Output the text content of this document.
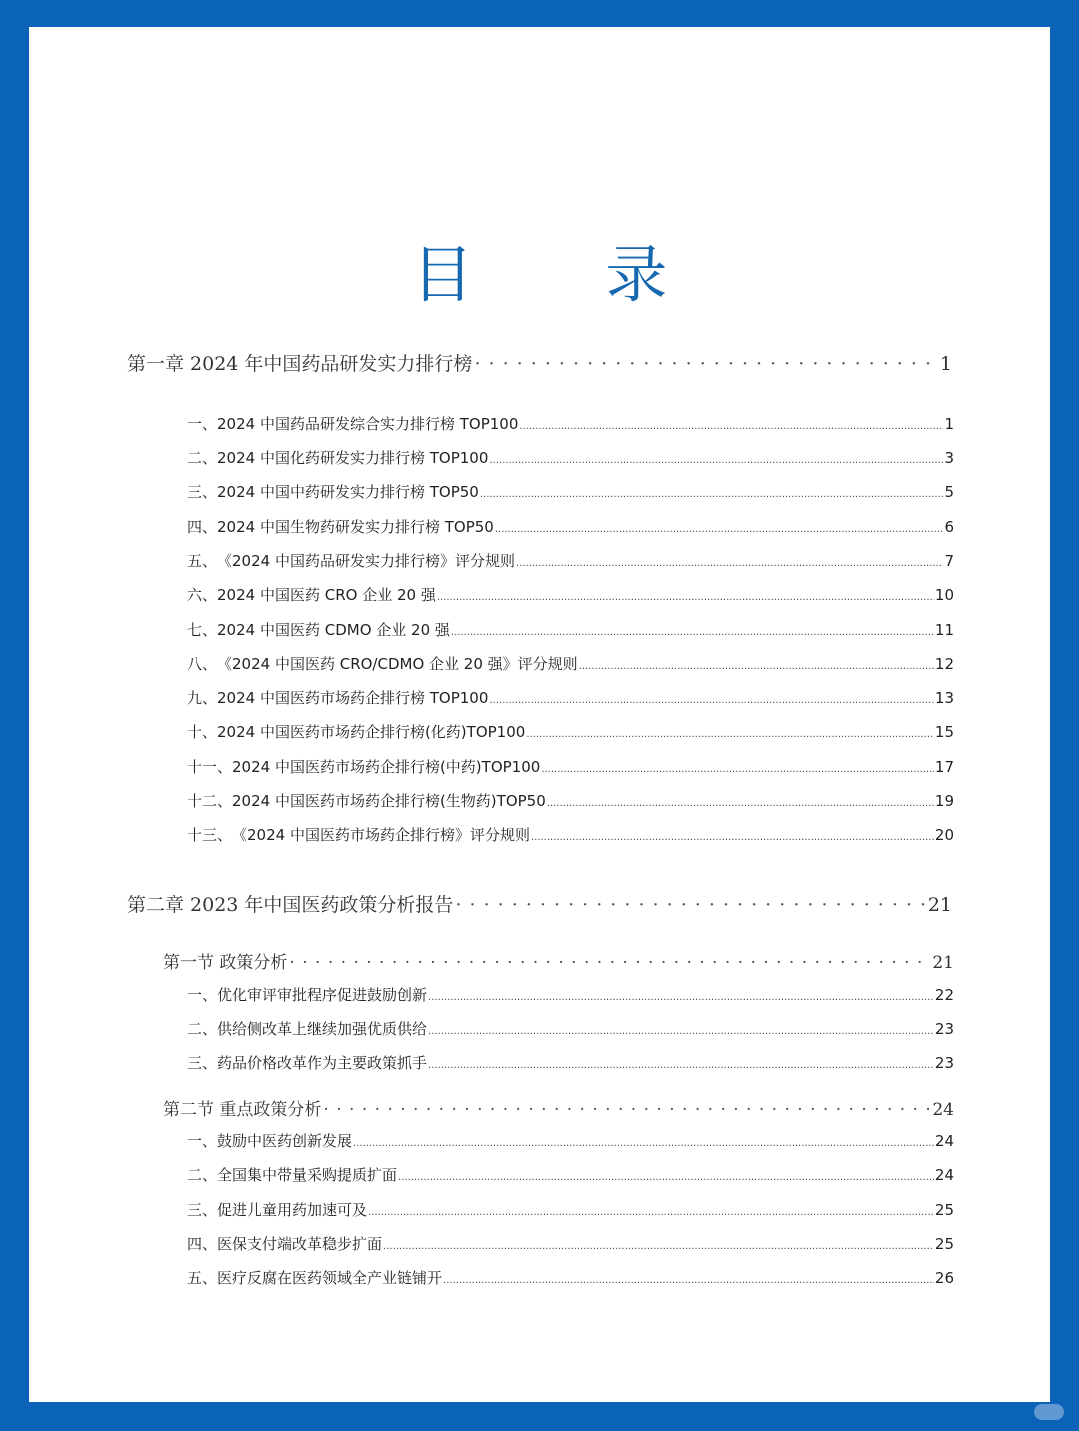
目 录
第一章 2024 年中国药品研发实力排行榜 · · ·	1
一、 2024 中国药品研发综合实力排行榜 TOP100 .....	1
二、 2024 中国化药研发实力排行榜 TOP100 .....	3
三、 2024 中国中药研发实力排行榜 TOP50 .....	5
四、 2024 中国生物药研发实力排行榜 TOP50 .....	6
五、 《2024 中国药品研发实力排行榜》评分规则 .....	7
六、 2024 中国医药 CRO 企业 20 强 .....	10
七、 2024 中国医药 CDMO 企业 20 强 .....	11
八、 《2024 中国医药 CRO/CDMO 企业 20 强》评分规则 .....	12
九、 2024 中国医药市场药企排行榜 TOP100 .....	13
十、 2024 中国医药市场药企排行榜(化药)TOP100 .....	15
十一、 2024 中国医药市场药企排行榜(中药)TOP100 .....	17
十二、 2024 中国医药市场药企排行榜(生物药)TOP50 .....	19
十三、 《2024 中国医药市场药企排行榜》评分规则 .....	20
第二章 2023 年中国医药政策分析报告 · · ·	21
第一节 政策分析 · · ·	21
一、 优化审评审批程序促进鼓励创新 .....	22
二、 供给侧改革上继续加强优质供给 .....	23
三、 药品价格改革作为主要政策抓手 .....	23
第二节 重点政策分析 · · ·	24
一、 鼓励中医药创新发展 .....	24
二、 全国集中带量采购提质扩面 .....	24
三、 促进儿童用药加速可及 .....	25
四、 医保支付端改革稳步扩面 .....	25
五、 医疗反腐在医药领域全产业链铺开 .....	26
